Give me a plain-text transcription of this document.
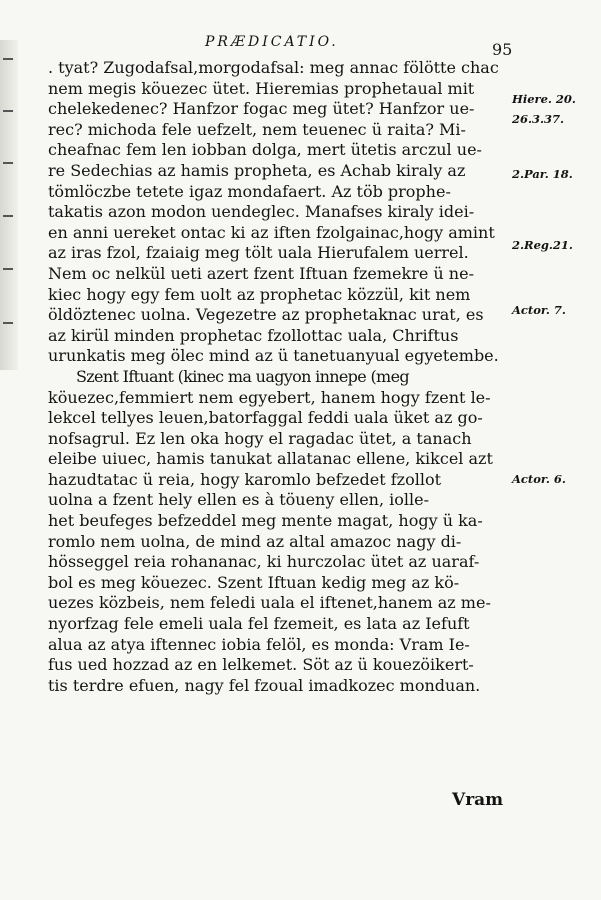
PRÆDICATIO.	95
. tyat? Zugodafsal,morgodafsal: meg annac fölötte chac
nem megis köuezec ütet. Hieremias prophetaual mit
chelekedenec? Hanfzor fogac meg ütet? Hanfzor ue-
rec? michoda fele uefzelt, nem teuenec ü raita? Mi-
cheafnac fem len iobban dolga, mert ütetis arczul ue-
re Sedechias az hamis propheta, es Achab kiraly az
tömlöczbe tetete igaz mondafaert. Az töb prophe-
takatis azon modon uendeglec. Manafses kiraly idei-
en anni uereket ontac ki az iften fzolgainac,hogy amint
az iras fzol, fzaiaig meg tölt uala Hierufalem uerrel.
Nem oc nelkül ueti azert fzent Iftuan fzemekre ü ne-
kiec hogy egy fem uolt az prophetac közzül, kit nem
öldöztenec uolna. Vegezetre az prophetaknac urat, es
az kirül minden prophetac fzollottac uala, Chriftus
urunkatis meg ölec mind az ü tanetuanyual egyetembe.
Szent Iftuant (kinec ma uagyon innepe (meg
köuezec,femmiert nem egyebert, hanem hogy fzent le-
lekcel tellyes leuen,batorfaggal feddi uala üket az go-
nofsagrul. Ez len oka hogy el ragadac ütet, a tanach
eleibe uiuec, hamis tanukat allatanac ellene, kikcel azt
hazudtatac ü reia, hogy karomlo befzedet fzollot
uolna a fzent hely ellen es à töueny ellen, iolle-
het beufeges befzeddel meg mente magat, hogy ü ka-
romlo nem uolna, de mind az altal amazoc nagy di-
hösseggel reia rohananac, ki hurczolac ütet az uaraf-
bol es meg köuezec. Szent Iftuan kedig meg az kö-
uezes közbeis, nem feledi uala el iftenet,hanem az me-
nyorfzag fele emeli uala fel fzemeit, es lata az Iefuft
alua az atya iftennec iobia felöl, es monda: Vram Ie-
fus ued hozzad az en lelkemet. Söt az ü kouezöikert-
tis terdre efuen, nagy fel fzoual imadkozec monduan.
Vram
Hiere. 20.
26.3.37.
2.Par. 18.
2.Reg.21.
Actor. 7.
Actor. 6.
